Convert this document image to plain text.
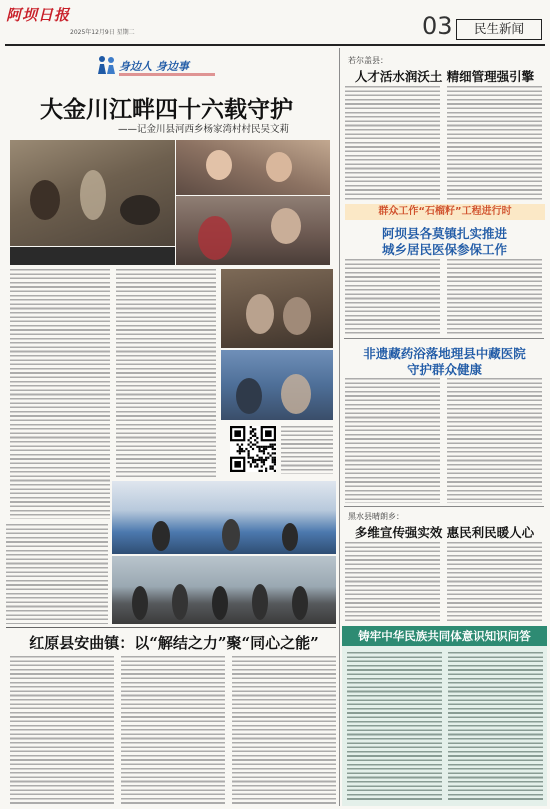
阿坝日报
2025年12月9日 星期二	03	民生新闻
身边人 身边事
大金川江畔四十六载守护
——记金川县河西乡杨家湾村村民吴文莉
红原县安曲镇：以“解结之力”聚“同心之能”
若尔盖县：
人才活水润沃土 精细管理强引擎
群众工作“石榴籽”工程进行时
阿坝县各莫镇扎实推进
城乡居民医保参保工作
非遗藏药浴落地理县中藏医院
守护群众健康
黑水县晴朗乡：
多维宣传强实效 惠民利民暖人心
铸牢中华民族共同体意识知识问答
